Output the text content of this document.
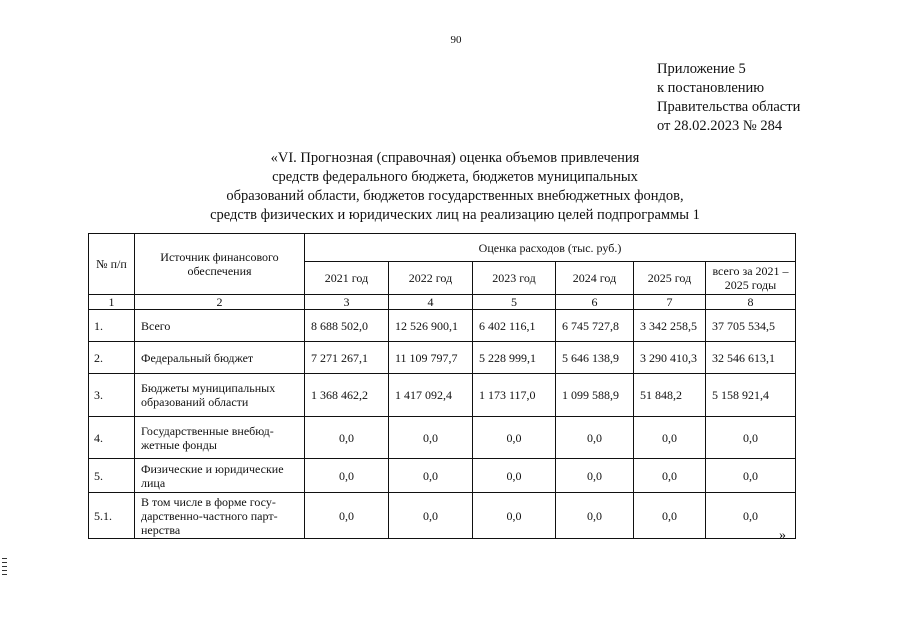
90
Приложение 5
к постановлению
Правительства области
от 28.02.2023 № 284
«VI. Прогнозная (справочная) оценка объемов привлечения
средств федерального бюджета, бюджетов муниципальных
образований области, бюджетов государственных внебюджетных фондов,
средств физических и юридических лиц на реализацию целей подпрограммы 1
№ п/п	Источник финансового обеспечения	Оценка расходов (тыс. руб.)					
		2021 год	2022 год	2023 год	2024 год	2025 год	всего за 2021 – 2025 годы
1	2	3	4	5	6	7	8
1.	Всего	8 688 502,0	12 526 900,1	6 402 116,1	6 745 727,8	3 342 258,5	37 705 534,5
2.	Федеральный бюджет	7 271 267,1	11 109 797,7	5 228 999,1	5 646 138,9	3 290 410,3	32 546 613,1
3.	Бюджеты муниципальных образований области	1 368 462,2	1 417 092,4	1 173 117,0	1 099 588,9	51 848,2	5 158 921,4
4.	Государственные внебюд-жетные фонды	0,0	0,0	0,0	0,0	0,0	0,0
5.	Физические и юридические лица	0,0	0,0	0,0	0,0	0,0	0,0
5.1.	В том числе в форме госу-дарственно-частного парт-нерства	0,0	0,0	0,0	0,0	0,0	0,0
»
